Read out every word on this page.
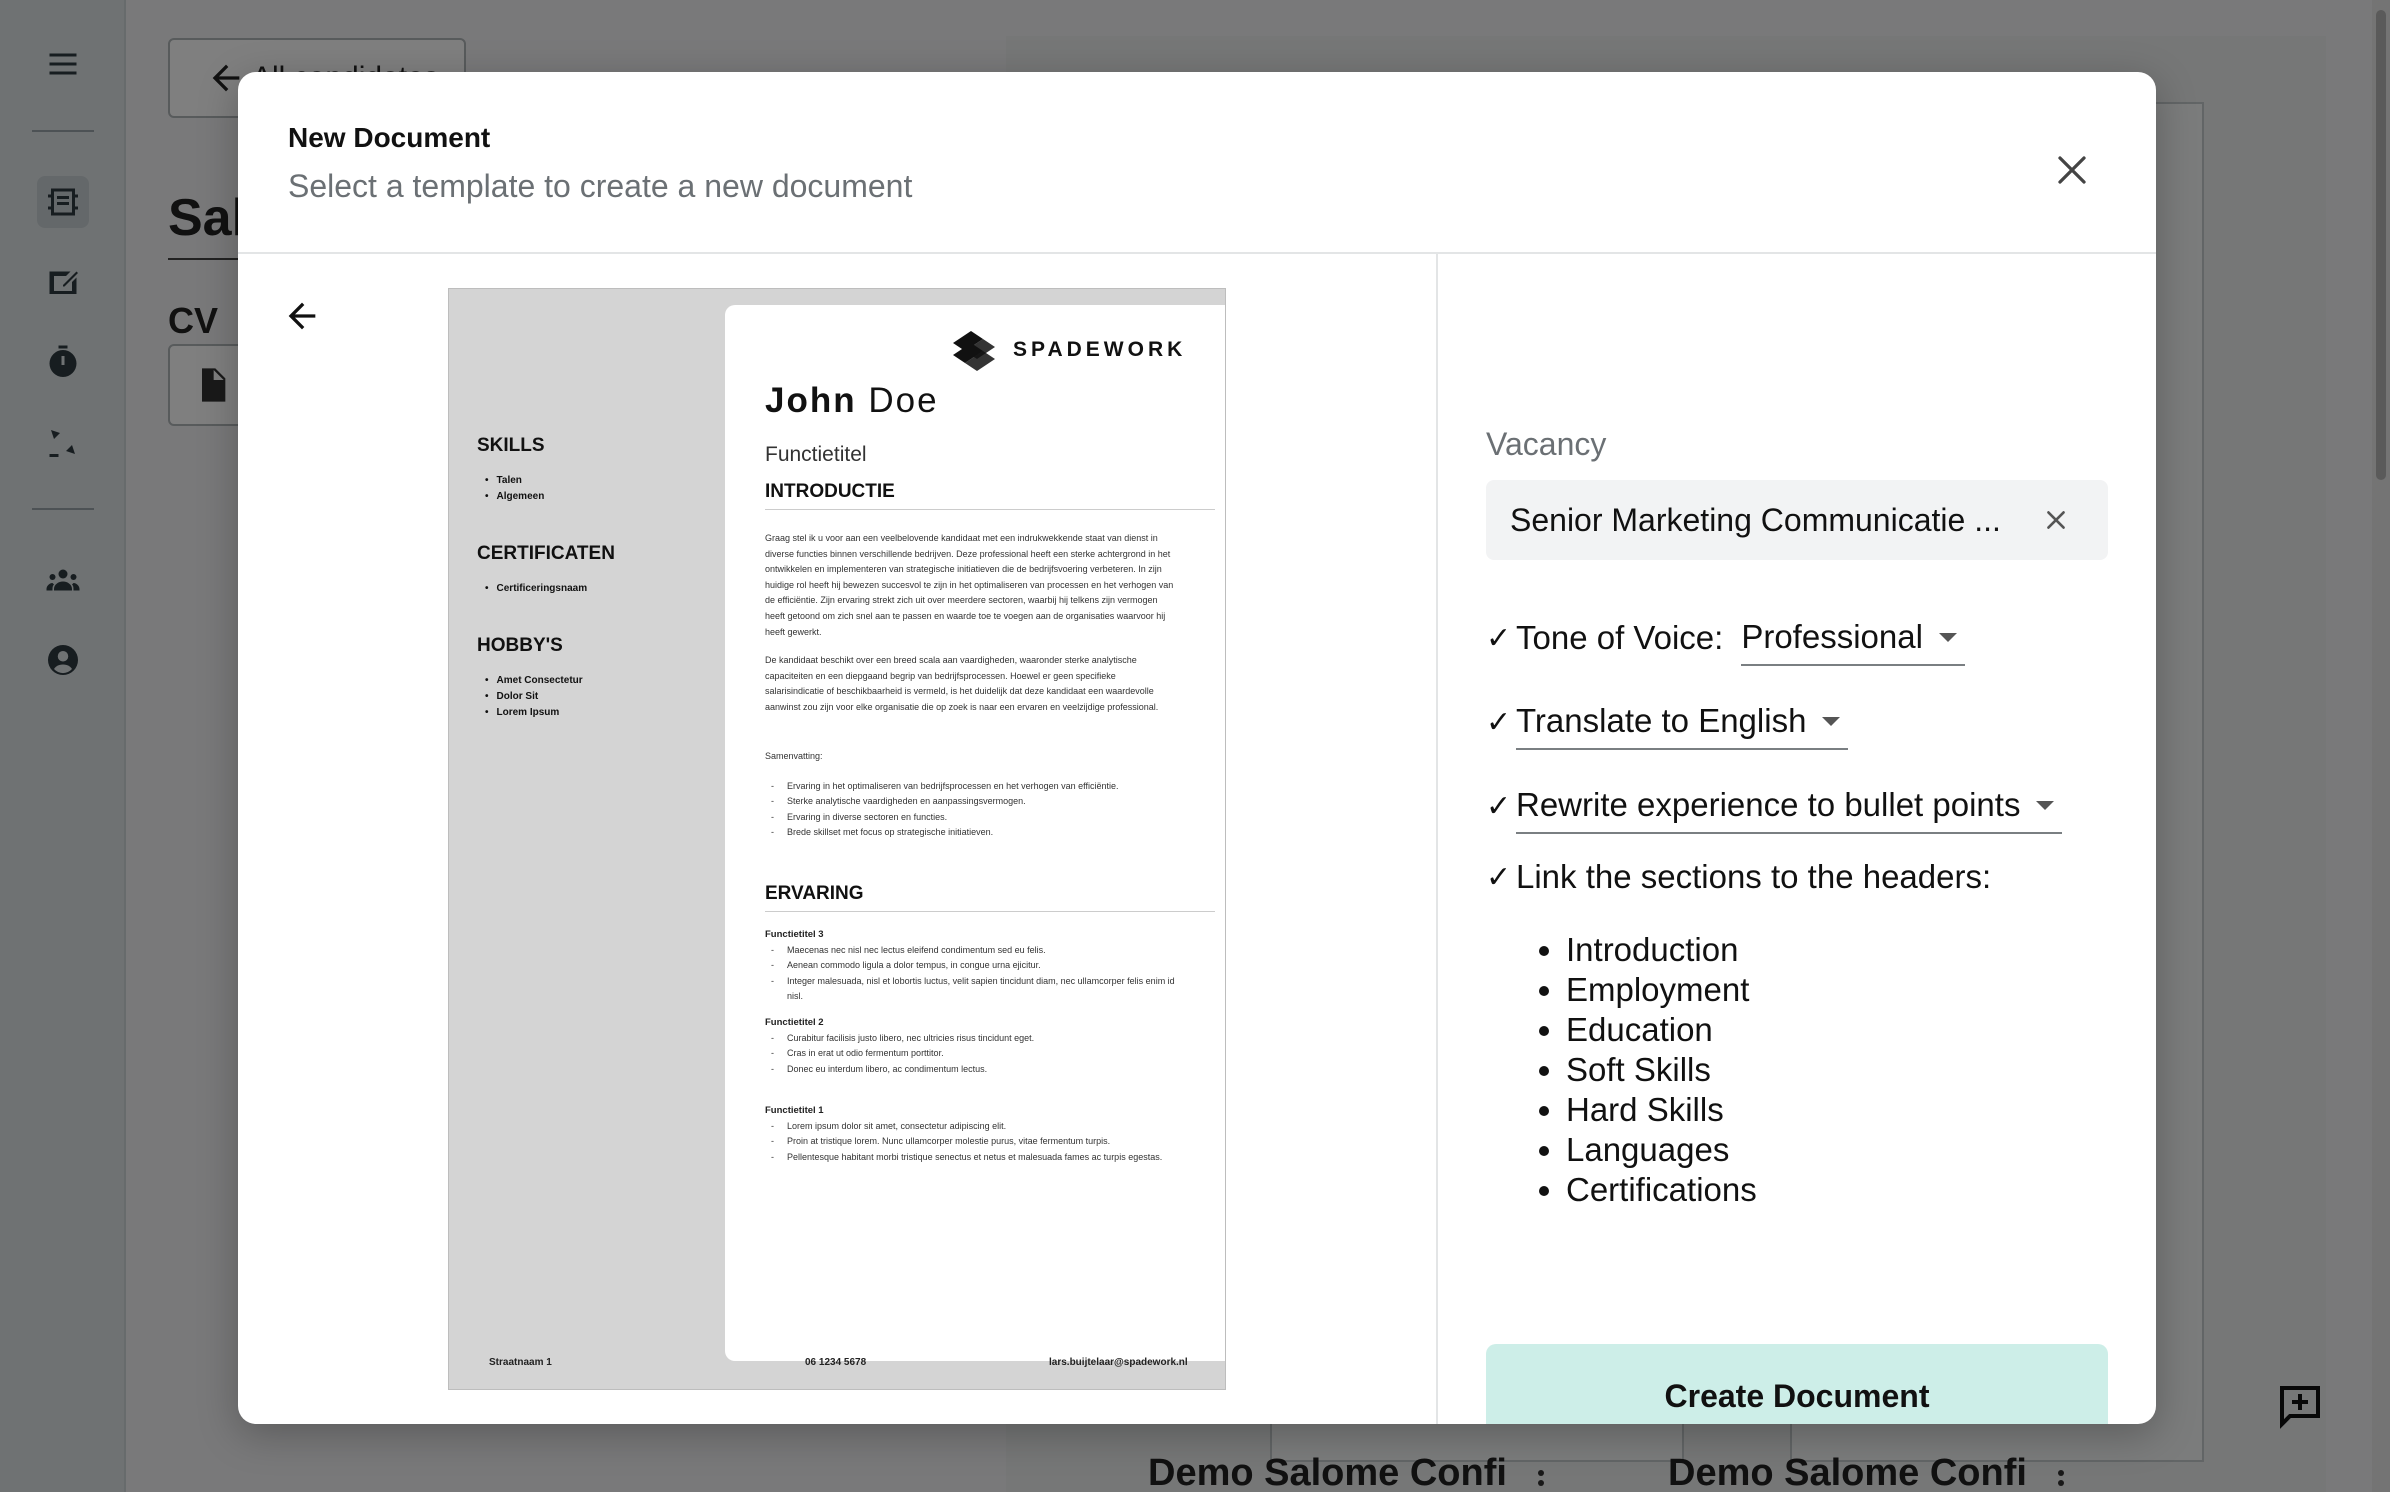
New Document
Select a template to create a new document
SKILLS
• Talen
• Algemeen
CERTIFICATEN
• Certificeringsnaam
HOBBY'S
• Amet Consectetur
• Dolor Sit
• Lorem Ipsum
SPADEWORK
John Doe
Functietitel
INTRODUCTIE
Graag stel ik u voor aan een veelbelovende kandidaat met een indrukwekkende staat van dienst in diverse functies binnen verschillende bedrijven. Deze professional heeft een sterke achtergrond in het ontwikkelen en implementeren van strategische initiatieven die de bedrijfsvoering verbeteren. In zijn huidige rol heeft hij bewezen succesvol te zijn in het optimaliseren van processen en het verhogen van de efficiëntie. Zijn ervaring strekt zich uit over meerdere sectoren, waarbij hij telkens zijn vermogen heeft getoond om zich snel aan te passen en waarde toe te voegen aan de organisaties waarvoor hij heeft gewerkt.
De kandidaat beschikt over een breed scala aan vaardigheden, waaronder sterke analytische capaciteiten en een diepgaand begrip van bedrijfsprocessen. Hoewel er geen specifieke salarisindicatie of beschikbaarheid is vermeld, is het duidelijk dat deze kandidaat een waardevolle aanwinst zou zijn voor elke organisatie die op zoek is naar een ervaren en veelzijdige professional.
Samenvatting:
- Ervaring in het optimaliseren van bedrijfsprocessen en het verhogen van efficiëntie.
- Sterke analytische vaardigheden en aanpassingsvermogen.
- Ervaring in diverse sectoren en functies.
- Brede skillset met focus op strategische initiatieven.
ERVARING
Functietitel 3
- Maecenas nec nisl nec lectus eleifend condimentum sed eu felis.
- Aenean commodo ligula a dolor tempus, in congue urna ejicitur.
- Integer malesuada, nisl et lobortis luctus, velit sapien tincidunt diam, nec ullamcorper felis enim id nisl.
Functietitel 2
- Curabitur facilisis justo libero, nec ultricies risus tincidunt eget.
- Cras in erat ut odio fermentum porttitor.
- Donec eu interdum libero, ac condimentum lectus.
Functietitel 1
- Lorem ipsum dolor sit amet, consectetur adipiscing elit.
- Proin at tristique lorem. Nunc ullamcorper molestie purus, vitae fermentum turpis.
- Pellentesque habitant morbi tristique senectus et netus et malesuada fames ac turpis egestas.
Straatnaam 1	06 1234 5678	lars.buijtelaar@spadework.nl
Vacancy
Senior Marketing Communicatie ...
✓ Tone of Voice: Professional
✓ Translate to English
✓ Rewrite experience to bullet points
✓ Link the sections to the headers:
• Introduction
• Employment
• Education
• Soft Skills
• Hard Skills
• Languages
• Certifications
Create Document
